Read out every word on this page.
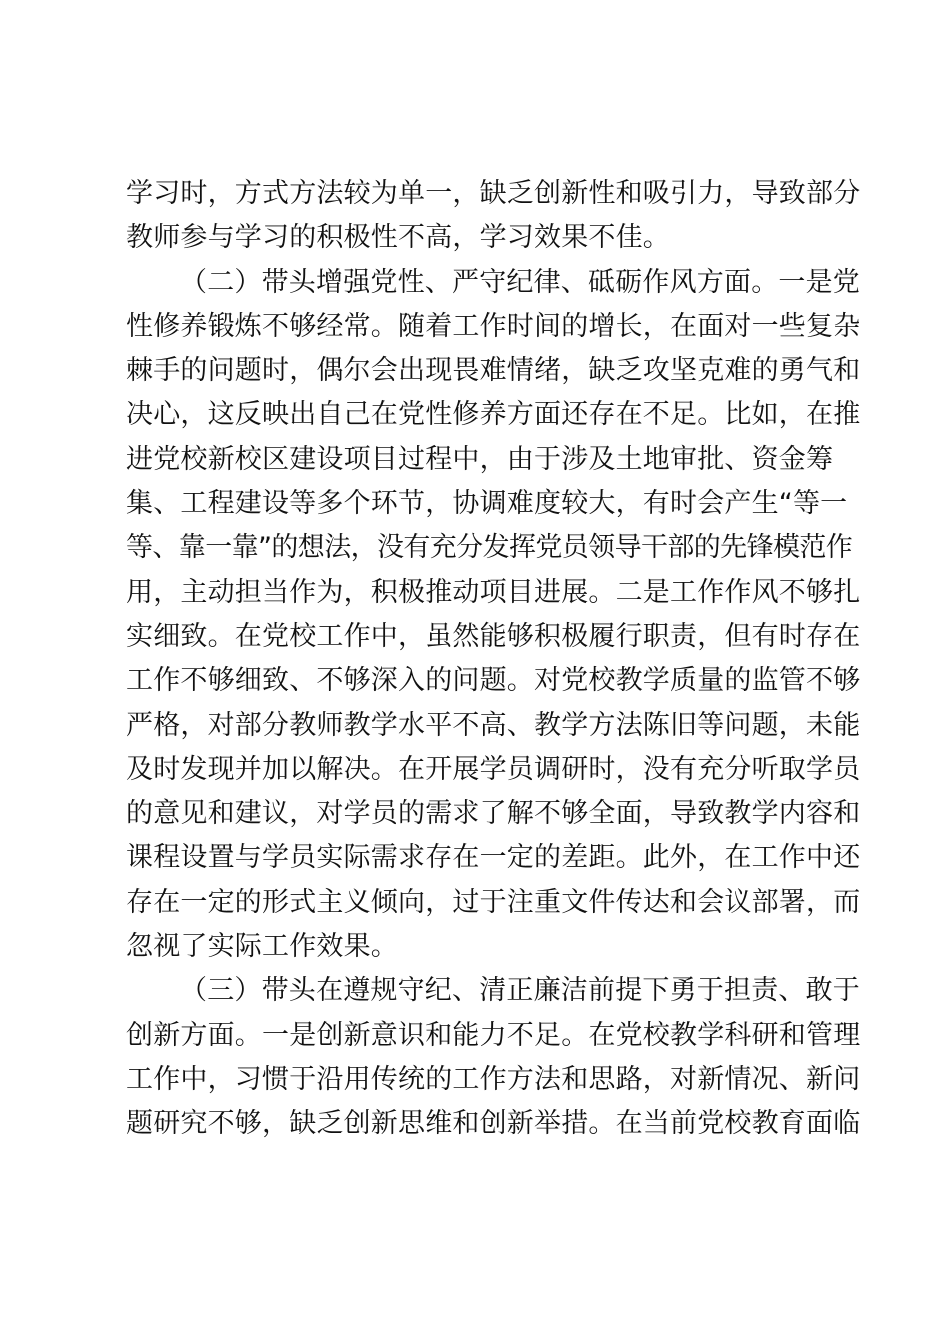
学习时，方式方法较为单一，缺乏创新性和吸引力，导致部分
教师参与学习的积极性不高，学习效果不佳。
（二）带头增强党性、严守纪律、砥砺作风方面。一是党
性修养锻炼不够经常。随着工作时间的增长，在面对一些复杂
棘手的问题时，偶尔会出现畏难情绪，缺乏攻坚克难的勇气和
决心，这反映出自己在党性修养方面还存在不足。比如，在推
进党校新校区建设项目过程中，由于涉及土地审批、资金筹
集、工程建设等多个环节，协调难度较大，有时会产生“等一
等、靠一靠”的想法，没有充分发挥党员领导干部的先锋模范作
用，主动担当作为，积极推动项目进展。二是工作作风不够扎
实细致。在党校工作中，虽然能够积极履行职责，但有时存在
工作不够细致、不够深入的问题。对党校教学质量的监管不够
严格，对部分教师教学水平不高、教学方法陈旧等问题，未能
及时发现并加以解决。在开展学员调研时，没有充分听取学员
的意见和建议，对学员的需求了解不够全面，导致教学内容和
课程设置与学员实际需求存在一定的差距。此外，在工作中还
存在一定的形式主义倾向，过于注重文件传达和会议部署，而
忽视了实际工作效果。
（三）带头在遵规守纪、清正廉洁前提下勇于担责、敢于
创新方面。一是创新意识和能力不足。在党校教学科研和管理
工作中，习惯于沿用传统的工作方法和思路，对新情况、新问
题研究不够，缺乏创新思维和创新举措。在当前党校教育面临
